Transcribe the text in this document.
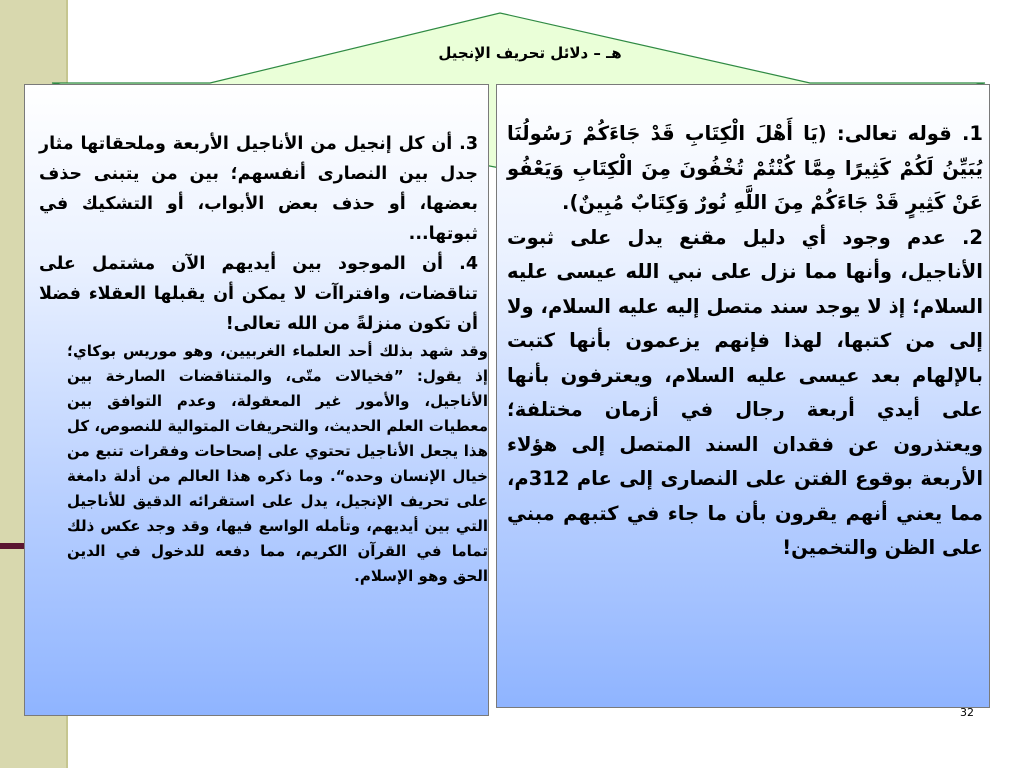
هـ – دلائل تحريف الإنجيل

3. أن كل إنجيل من الأناجيل الأربعة وملحقاتها مثار جدل بين النصارى أنفسهم؛ بين من يتبنى حذف بعضها، أو حذف بعض الأبواب، أو التشكيك في ثبوتها...

4. أن الموجود بين أيديهم الآن مشتمل على تناقضات، وافتراآت لا يمكن أن يقبلها العقلاء فضلا أن تكون منزلةً من الله تعالى!

وقد شهد بذلك أحد العلماء الغربيين، وهو موريس بوكاي؛ إذ يقول: ”فخيالات متّى، والمتناقضات الصارخة بين الأناجيل، والأمور غير المعقولة، وعدم التوافق بين معطيات العلم الحديث، والتحريفات المتوالية للنصوص، كل هذا يجعل الأناجيل تحتوي على إصحاحات وفقرات تنبع من خيال الإنسان وحده“. وما ذكره هذا العالم من أدلة دامغة على تحريف الإنجيل، يدل على استقرائه الدقيق للأناجيل التي بين أيديهم، وتأمله الواسع فيها، وقد وجد عكس ذلك تماما في القرآن الكريم، مما دفعه للدخول في الدين الحق وهو الإسلام.

1. قوله تعالى: (يَا أَهْلَ الْكِتَابِ قَدْ جَاءَكُمْ رَسُولُنَا يُبَيِّنُ لَكُمْ كَثِيرًا مِمَّا كُنْتُمْ تُخْفُونَ مِنَ الْكِتَابِ وَيَعْفُو عَنْ كَثِيرٍ قَدْ جَاءَكُمْ مِنَ اللَّهِ نُورٌ وَكِتَابٌ مُبِينٌ).

2. عدم وجود أي دليل مقنع يدل على ثبوت الأناجيل، وأنها مما نزل على نبي الله عيسى عليه السلام؛ إذ لا يوجد سند متصل إليه عليه السلام، ولا إلى من كتبها، لهذا فإنهم يزعمون بأنها كتبت بالإلهام بعد عيسى عليه السلام، ويعترفون بأنها على أيدي أربعة رجال في أزمان مختلفة؛ ويعتذرون عن فقدان السند المتصل إلى هؤلاء الأربعة بوقوع الفتن على النصارى إلى عام 312م، مما يعني أنهم يقرون بأن ما جاء في كتبهم مبني على الظن والتخمين!

32
